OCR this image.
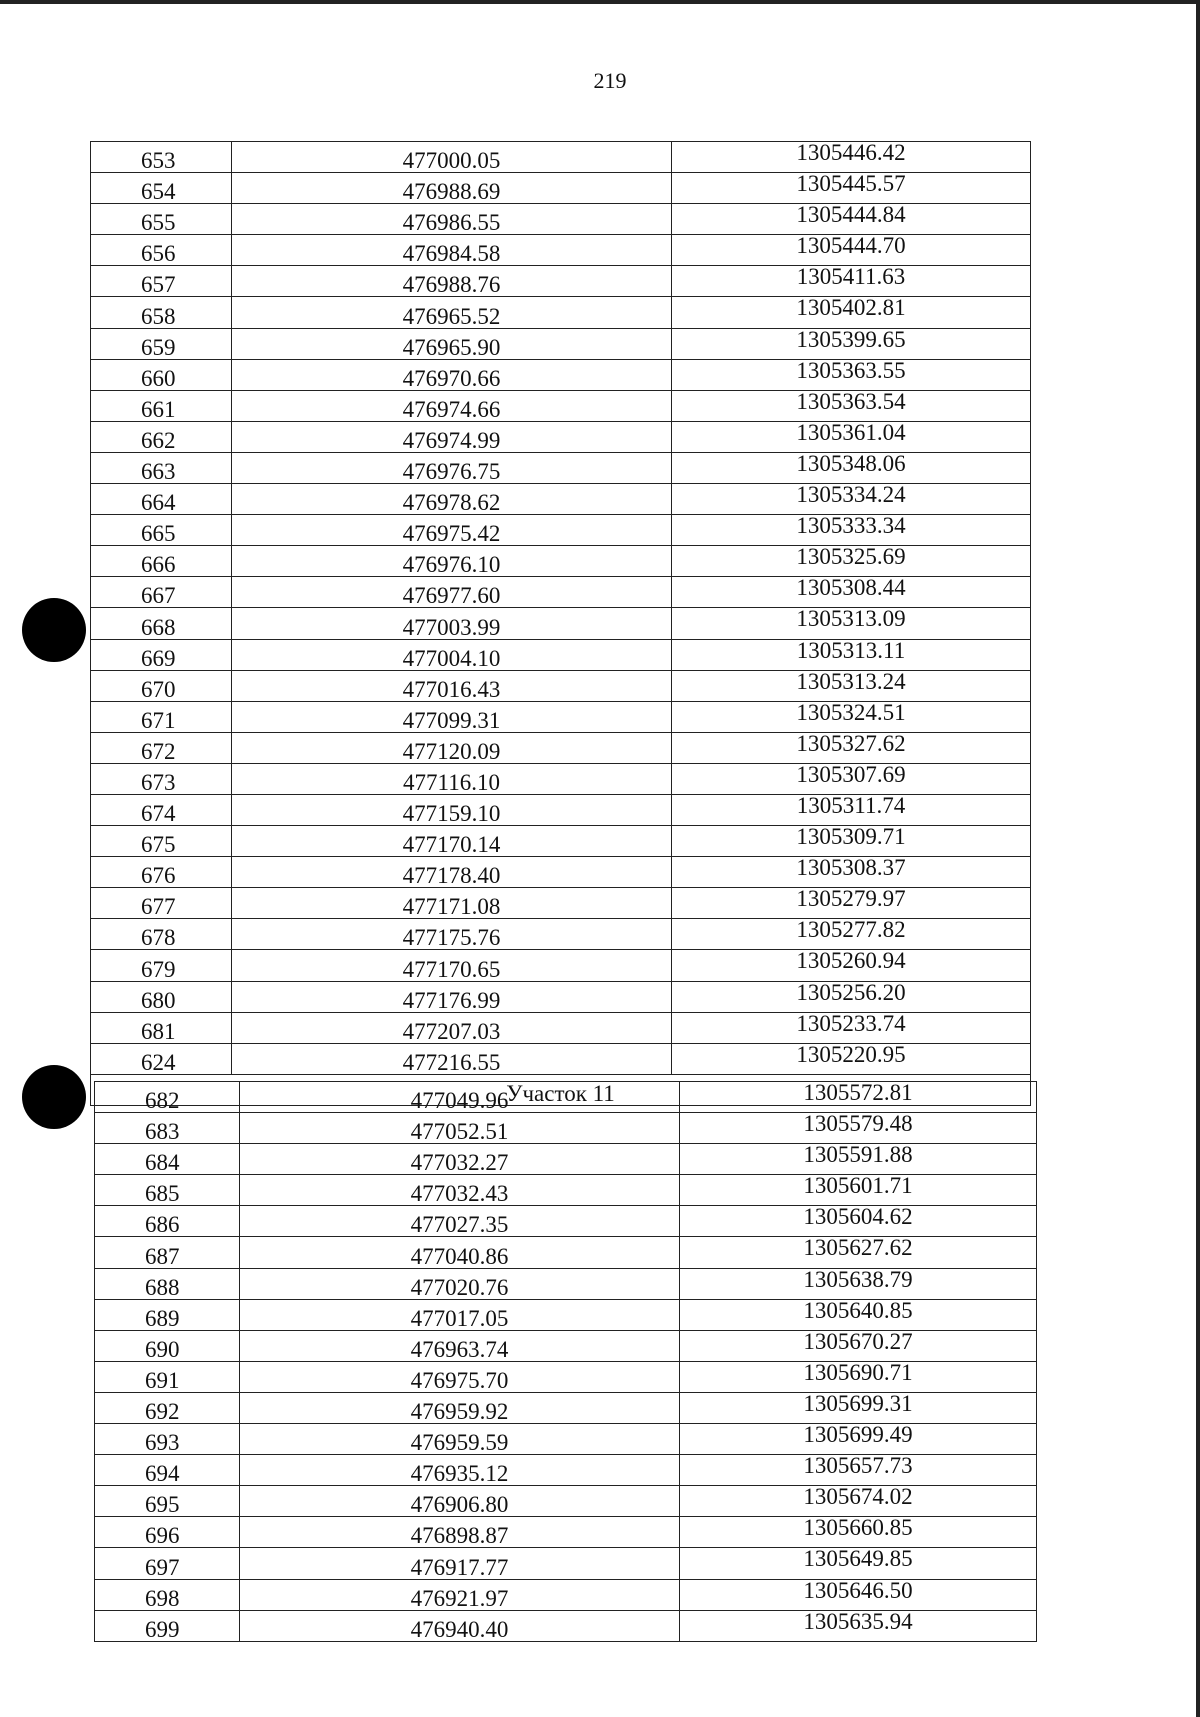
219
653	477000.05	1305446.42
654	476988.69	1305445.57
655	476986.55	1305444.84
656	476984.58	1305444.70
657	476988.76	1305411.63
658	476965.52	1305402.81
659	476965.90	1305399.65
660	476970.66	1305363.55
661	476974.66	1305363.54
662	476974.99	1305361.04
663	476976.75	1305348.06
664	476978.62	1305334.24
665	476975.42	1305333.34
666	476976.10	1305325.69
667	476977.60	1305308.44
668	477003.99	1305313.09
669	477004.10	1305313.11
670	477016.43	1305313.24
671	477099.31	1305324.51
672	477120.09	1305327.62
673	477116.10	1305307.69
674	477159.10	1305311.74
675	477170.14	1305309.71
676	477178.40	1305308.37
677	477171.08	1305279.97
678	477175.76	1305277.82
679	477170.65	1305260.94
680	477176.99	1305256.20
681	477207.03	1305233.74
624	477216.55	1305220.95
Участок 11		
682	477049.96	1305572.81
683	477052.51	1305579.48
684	477032.27	1305591.88
685	477032.43	1305601.71
686	477027.35	1305604.62
687	477040.86	1305627.62
688	477020.76	1305638.79
689	477017.05	1305640.85
690	476963.74	1305670.27
691	476975.70	1305690.71
692	476959.92	1305699.31
693	476959.59	1305699.49
694	476935.12	1305657.73
695	476906.80	1305674.02
696	476898.87	1305660.85
697	476917.77	1305649.85
698	476921.97	1305646.50
699	476940.40	1305635.94
